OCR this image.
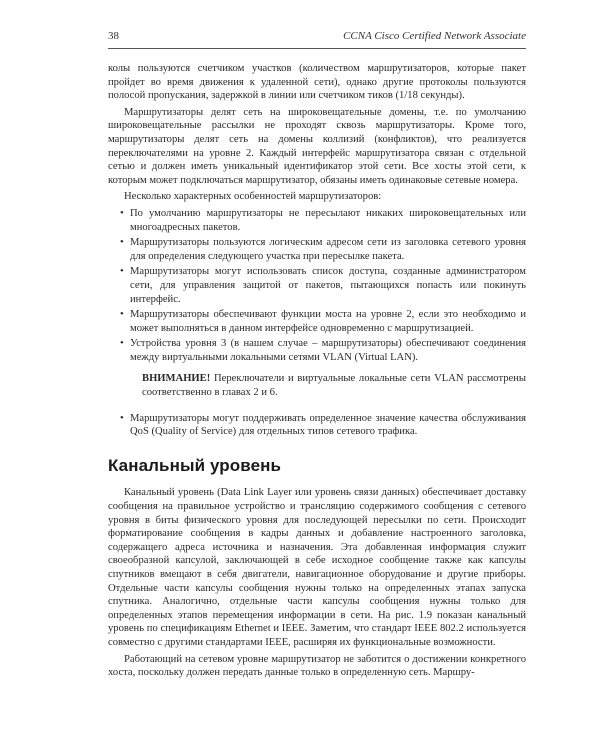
38	CCNA Cisco Certified Network Associate

колы пользуются счетчиком участков (количеством маршрутизаторов, которые пакет пройдет во время движения к удаленной сети), однако другие протоколы пользуются полосой пропускания, задержкой в линии или счетчиком тиков (1/18 секунды).

Маршрутизаторы делят сеть на широковещательные домены, т.е. по умолчанию широковещательные рассылки не проходят сквозь маршрутизаторы. Кроме того, маршрутизаторы делят сеть на домены коллизий (конфликтов), что реализуется переключателями на уровне 2. Каждый интерфейс маршрутизатора связан с отдельной сетью и должен иметь уникальный идентификатор этой сети. Все хосты этой сети, к которым может подключаться маршрутизатор, обязаны иметь одинаковые сетевые номера.

Несколько характерных особенностей маршрутизаторов:

• По умолчанию маршрутизаторы не пересылают никаких широковещательных или многоадресных пакетов.
• Маршрутизаторы пользуются логическим адресом сети из заголовка сетевого уровня для определения следующего участка при пересылке пакета.
• Маршрутизаторы могут использовать список доступа, созданные администратором сети, для управления защитой от пакетов, пытающихся попасть или покинуть интерфейс.
• Маршрутизаторы обеспечивают функции моста на уровне 2, если это необходимо и может выполняться в данном интерфейсе одновременно с маршрутизацией.
• Устройства уровня 3 (в нашем случае – маршрутизаторы) обеспечивают соединения между виртуальными локальными сетями VLAN (Virtual LAN).

ВНИМАНИЕ! Переключатели и виртуальные локальные сети VLAN рассмотрены соответственно в главах 2 и 6.

• Маршрутизаторы могут поддерживать определенное значение качества обслуживания QoS (Quality of Service) для отдельных типов сетевого трафика.
Канальный уровень

Канальный уровень (Data Link Layer или уровень связи данных) обеспечивает доставку сообщения на правильное устройство и трансляцию содержимого сообщения с сетевого уровня в биты физического уровня для последующей пересылки по сети. Происходит форматирование сообщения в кадры данных и добавление настроенного заголовка, содержащего адреса источника и назначения. Эта добавленная информация служит своеобразной капсулой, заключающей в себе исходное сообщение также как капсулы спутников вмещают в себя двигатели, навигационное оборудование и другие приборы. Отдельные части капсулы сообщения нужны только на определенных этапах запуска спутника. Аналогично, отдельные части капсулы сообщения нужны только для определенных этапов перемещения информации в сети. На рис. 1.9 показан канальный уровень по спецификациям Ethernet и IEEE. Заметим, что стандарт IEEE 802.2 используется совместно с другими стандартами IEEE, расширяя их функциональные возможности.

Работающий на сетевом уровне маршрутизатор не заботится о достижении конкретного хоста, поскольку должен передать данные только в определенную сеть. Маршру-
